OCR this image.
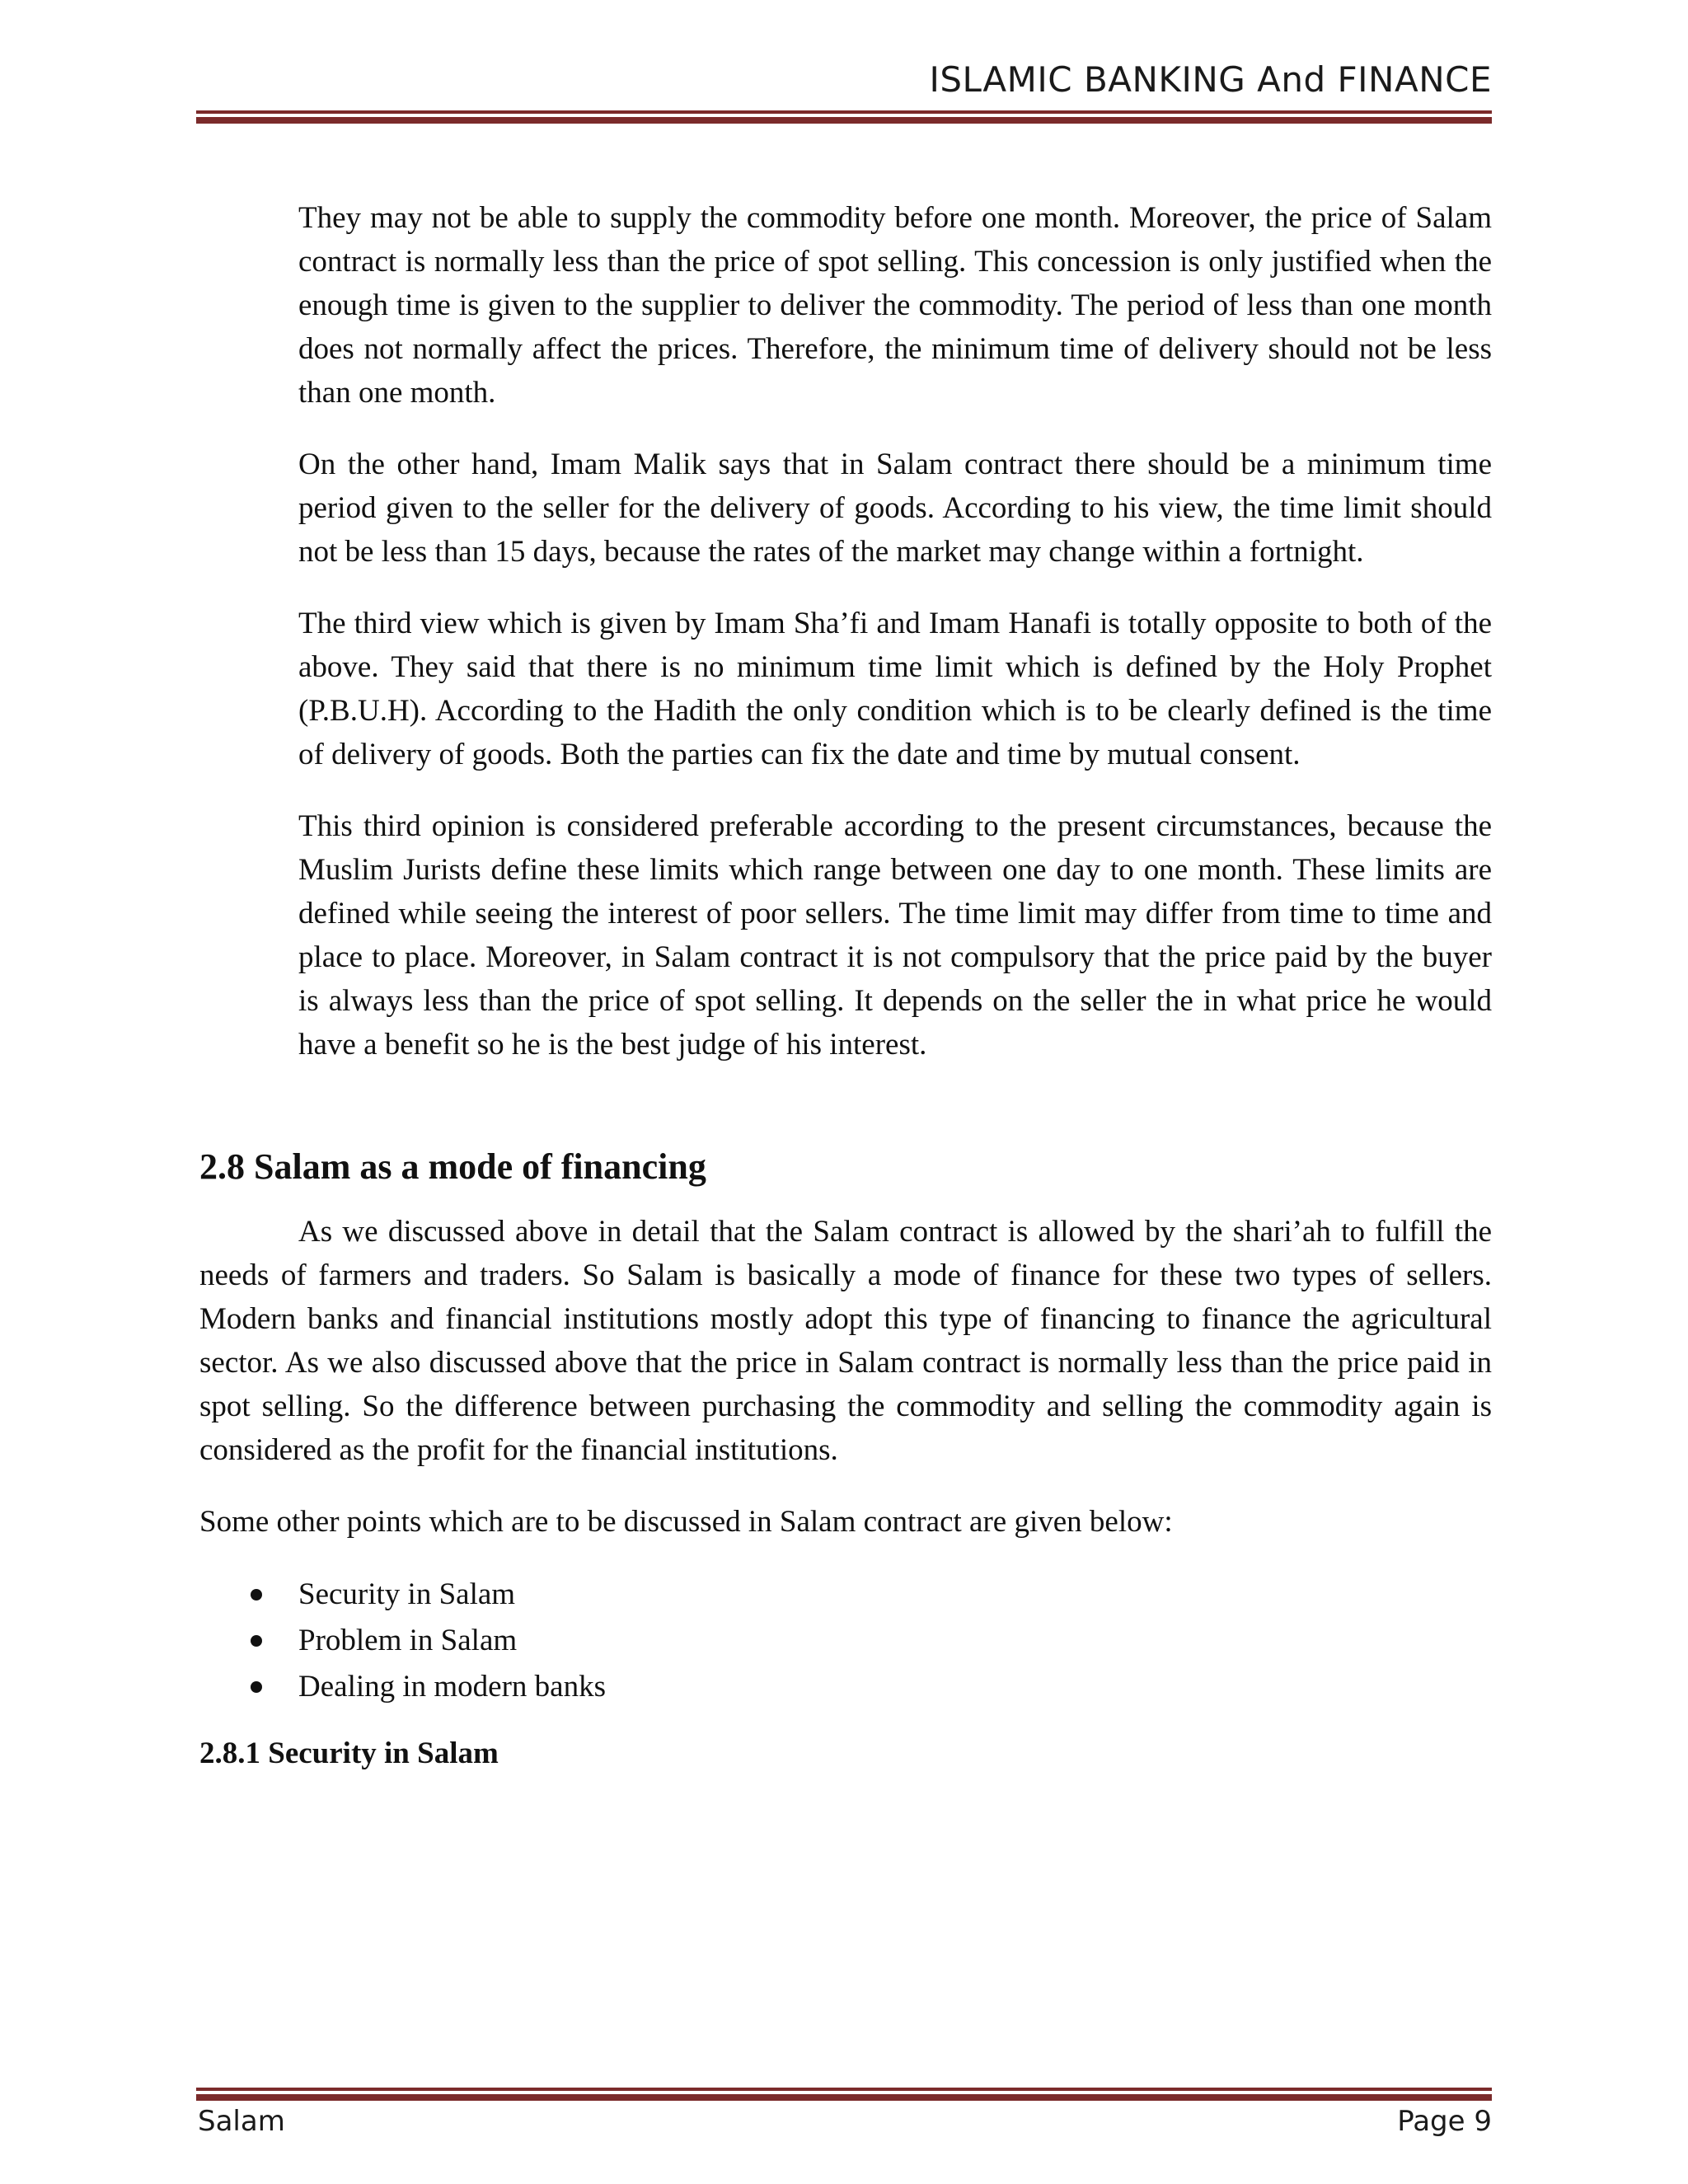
ISLAMIC BANKING And FINANCE

They may not be able to supply the commodity before one month. Moreover, the price of Salam contract is normally less than the price of spot selling. This concession is only justified when the enough time is given to the supplier to deliver the commodity. The period of less than one month does not normally affect the prices. Therefore, the minimum time of delivery should not be less than one month.

On the other hand, Imam Malik says that in Salam contract there should be a minimum time period given to the seller for the delivery of goods. According to his view, the time limit should not be less than 15 days, because the rates of the market may change within a fortnight.

The third view which is given by Imam Sha’fi and Imam Hanafi is totally opposite to both of the above. They said that there is no minimum time limit which is defined by the Holy Prophet (P.B.U.H). According to the Hadith the only condition which is to be clearly defined is the time of delivery of goods. Both the parties can fix the date and time by mutual consent.

This third opinion is considered preferable according to the present circumstances, because the Muslim Jurists define these limits which range between one day to one month. These limits are defined while seeing the interest of poor sellers. The time limit may differ from time to time and place to place. Moreover, in Salam contract it is not compulsory that the price paid by the buyer is always less than the price of spot selling. It depends on the seller the in what price he would have a benefit so he is the best judge of his interest.

2.8 Salam as a mode of financing

As we discussed above in detail that the Salam contract is allowed by the shari’ah to fulfill the needs of farmers and traders. So Salam is basically a mode of finance for these two types of sellers. Modern banks and financial institutions mostly adopt this type of financing to finance the agricultural sector. As we also discussed above that the price in Salam contract is normally less than the price paid in spot selling. So the difference between purchasing the commodity and selling the commodity again is considered as the profit for the financial institutions.

Some other points which are to be discussed in Salam contract are given below:

Security in Salam
Problem in Salam
Dealing in modern banks
2.8.1 Security in Salam
Salam	Page 9
